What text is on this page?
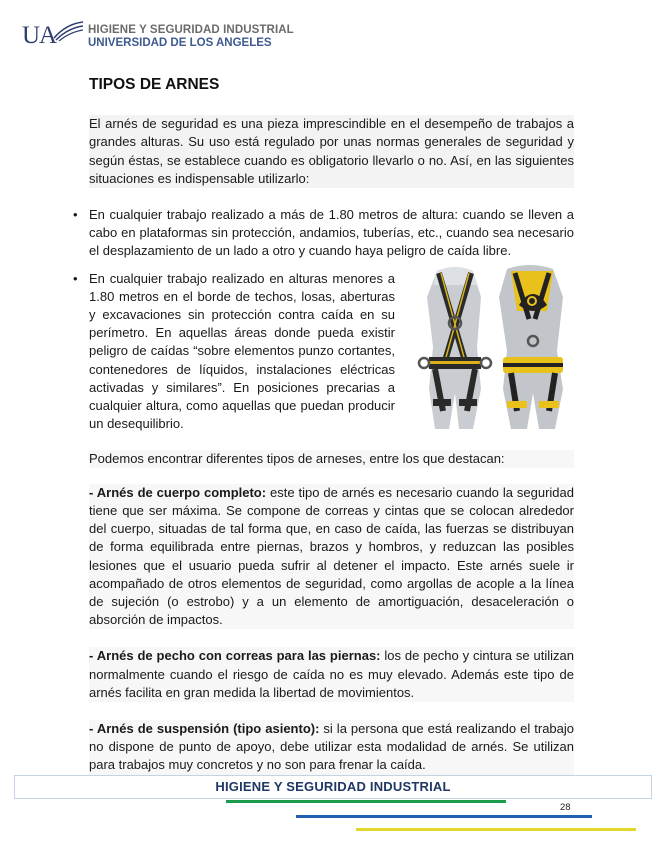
UA	HIGIENE Y SEGURIDAD INDUSTRIAL
UNIVERSIDAD DE LOS ANGELES
TIPOS DE ARNES

El arnés de seguridad es una pieza imprescindible en el desempeño de trabajos a grandes alturas. Su uso está regulado por unas normas generales de seguridad y según éstas, se establece cuando es obligatorio llevarlo o no. Así, en las siguientes situaciones es indispensable utilizarlo:

• En cualquier trabajo realizado a más de 1.80 metros de altura: cuando se lleven a cabo en plataformas sin protección, andamios, tuberías, etc., cuando sea necesario el desplazamiento de un lado a otro y cuando haya peligro de caída libre.
• En cualquier trabajo realizado en alturas menores a 1.80 metros en el borde de techos, losas, aberturas y excavaciones sin protección contra caída en su perímetro. En aquellas áreas donde pueda existir peligro de caídas “sobre elementos punzo cortantes, contenedores de líquidos, instalaciones eléctricas activadas y similares”. En posiciones precarias a cualquier altura, como aquellas que puedan producir un desequilibrio.

Podemos encontrar diferentes tipos de arneses, entre los que destacan:

- Arnés de cuerpo completo: este tipo de arnés es necesario cuando la seguridad tiene que ser máxima. Se compone de correas y cintas que se colocan alrededor del cuerpo, situadas de tal forma que, en caso de caída, las fuerzas se distribuyan de forma equilibrada entre piernas, brazos y hombros, y reduzcan las posibles lesiones que el usuario pueda sufrir al detener el impacto. Este arnés suele ir acompañado de otros elementos de seguridad, como argollas de acople a la línea de sujeción (o estrobo) y a un elemento de amortiguación, desaceleración o absorción de impactos.

- Arnés de pecho con correas para las piernas: los de pecho y cintura se utilizan normalmente cuando el riesgo de caída no es muy elevado. Además este tipo de arnés facilita en gran medida la libertad de movimientos.

- Arnés de suspensión (tipo asiento): si la persona que está realizando el trabajo no dispone de punto de apoyo, debe utilizar esta modalidad de arnés. Se utilizan para trabajos muy concretos y no son para frenar la caída.

HIGIENE Y SEGURIDAD INDUSTRIAL
28
